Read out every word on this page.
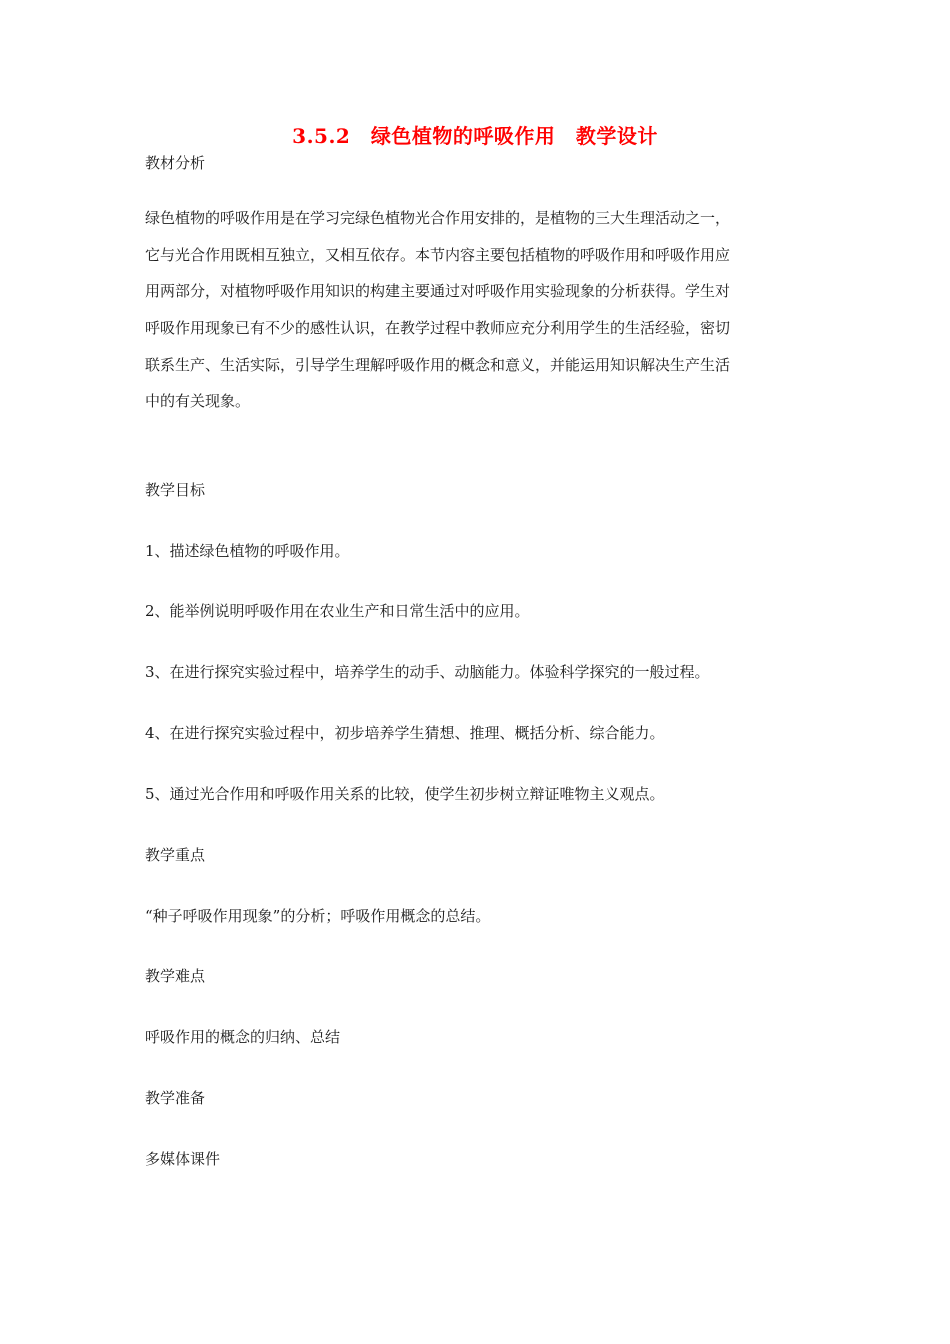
3.5.2　绿色植物的呼吸作用　教学设计
教材分析
绿色植物的呼吸作用是在学习完绿色植物光合作用安排的，是植物的三大生理活动之一，
它与光合作用既相互独立，又相互依存。本节内容主要包括植物的呼吸作用和呼吸作用应
用两部分，对植物呼吸作用知识的构建主要通过对呼吸作用实验现象的分析获得。学生对
呼吸作用现象已有不少的感性认识，在教学过程中教师应充分利用学生的生活经验，密切
联系生产、生活实际，引导学生理解呼吸作用的概念和意义，并能运用知识解决生产生活
中的有关现象。
教学目标
1、描述绿色植物的呼吸作用。
2、能举例说明呼吸作用在农业生产和日常生活中的应用。
3、在进行探究实验过程中，培养学生的动手、动脑能力。体验科学探究的一般过程。
4、在进行探究实验过程中，初步培养学生猜想、推理、概括分析、综合能力。
5、通过光合作用和呼吸作用关系的比较，使学生初步树立辩证唯物主义观点。
教学重点
“种子呼吸作用现象”的分析；呼吸作用概念的总结。
教学难点
呼吸作用的概念的归纳、总结
教学准备
多媒体课件
